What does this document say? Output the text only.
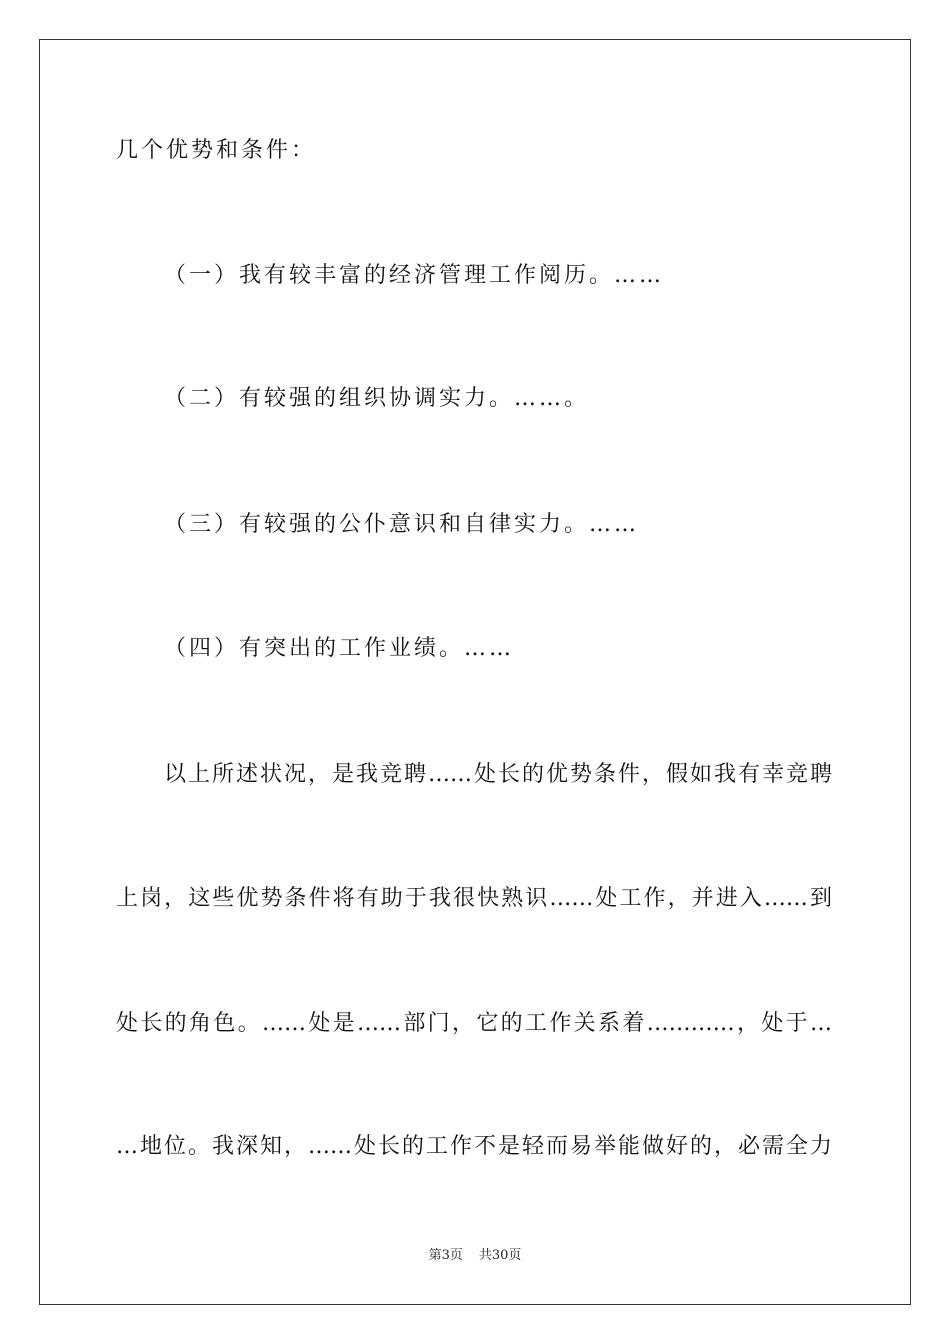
几个优势和条件：
（一）我有较丰富的经济管理工作阅历。……
（二）有较强的组织协调实力。……。
（三）有较强的公仆意识和自律实力。……
（四）有突出的工作业绩。……
以上所述状况，是我竞聘……处长的优势条件，假如我有幸竞聘
上岗，这些优势条件将有助于我很快熟识……处工作，并进入……到
处长的角色。……处是……部门，它的工作关系着…………，处于…
…地位。我深知，……处长的工作不是轻而易举能做好的，必需全力
第3页 共30页
